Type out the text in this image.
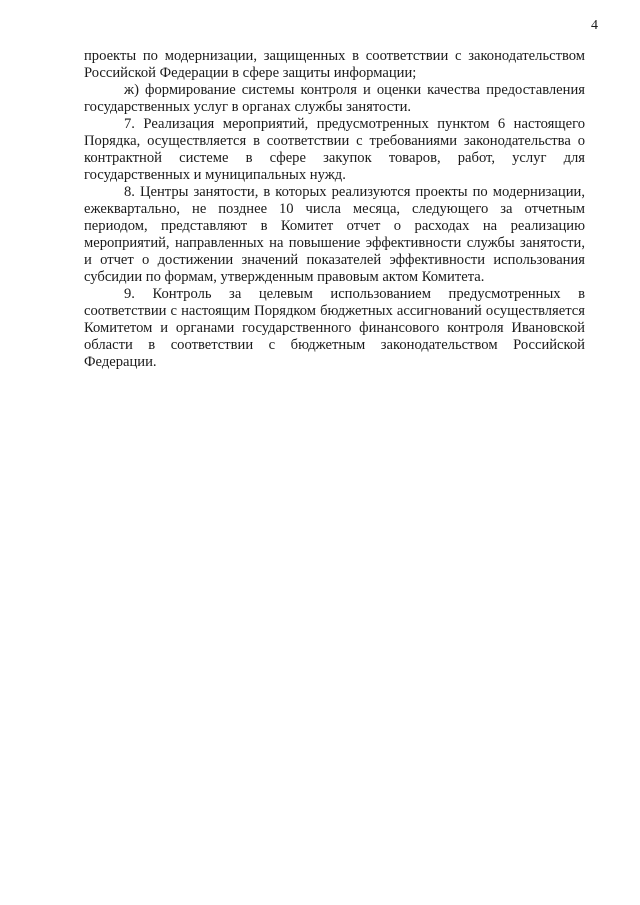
4

проекты по модернизации, защищенных в соответствии с законодательством Российской Федерации в сфере защиты информации;

ж) формирование системы контроля и оценки качества предоставления государственных услуг в органах службы занятости.

7. Реализация мероприятий, предусмотренных пунктом 6 настоящего Порядка, осуществляется в соответствии с требованиями законодательства о контрактной системе в сфере закупок товаров, работ, услуг для государственных и муниципальных нужд.

8. Центры занятости, в которых реализуются проекты по модернизации, ежеквартально, не позднее 10 числа месяца, следующего за отчетным периодом, представляют в Комитет отчет о расходах на реализацию мероприятий, направленных на повышение эффективности службы занятости, и отчет о достижении значений показателей эффективности использования субсидии по формам, утвержденным правовым актом Комитета.

9. Контроль за целевым использованием предусмотренных в соответствии с настоящим Порядком бюджетных ассигнований осуществляется Комитетом и органами государственного финансового контроля Ивановской области в соответствии с бюджетным законодательством Российской Федерации.
